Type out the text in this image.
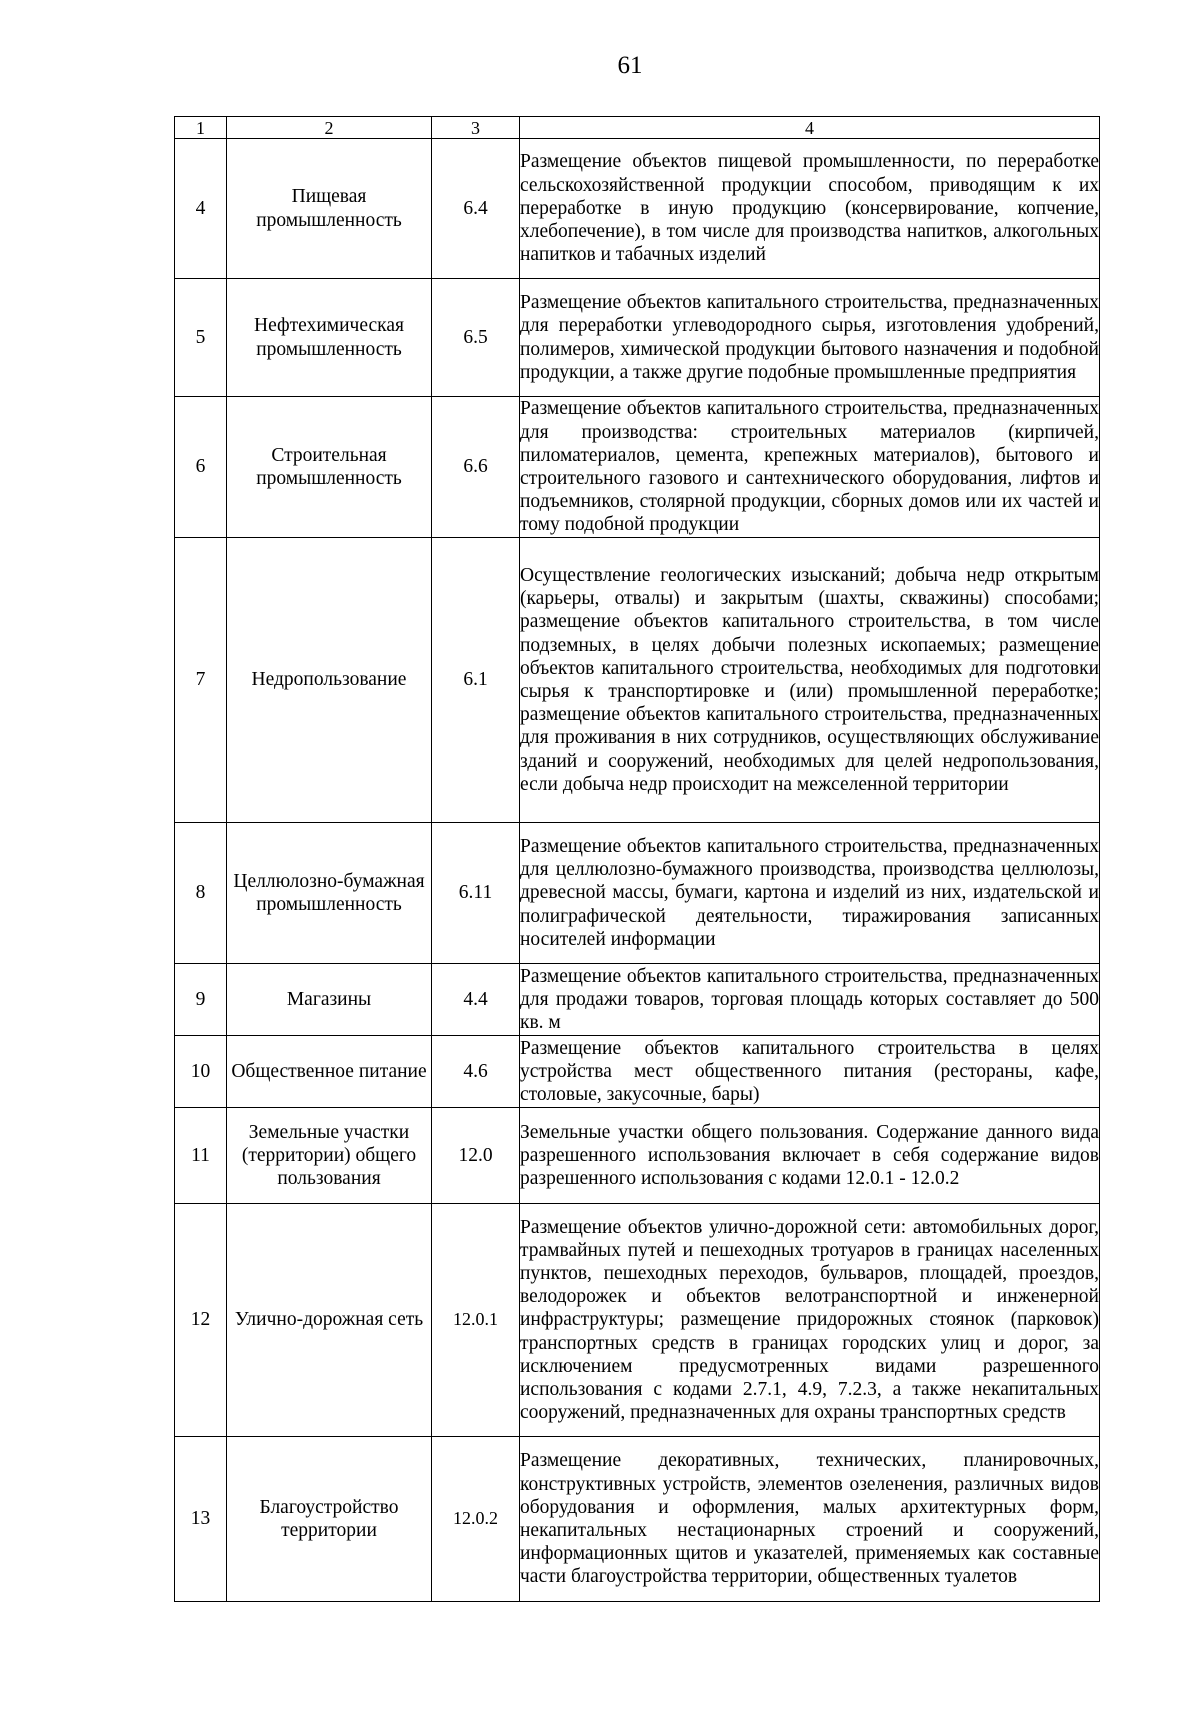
61
1	2	3	4
4	Пищевая промышленность	6.4	Размещение объектов пищевой промышленности, по переработке сельскохозяйственной продукции способом, приводящим к их переработке в иную продукцию (консервирование, копчение, хлебопечение), в том числе для производства напитков, алкогольных напитков и табачных изделий
5	Нефтехимическая промышленность	6.5	Размещение объектов капитального строительства, предназначенных для переработки углеводородного сырья, изготовления удобрений, полимеров, химической продукции бытового назначения и подобной продукции, а также другие подобные промышленные предприятия
6	Строительная промышленность	6.6	Размещение объектов капитального строительства, предназначенных для производства: строительных материалов (кирпичей, пиломатериалов, цемента, крепежных материалов), бытового и строительного газового и сантехнического оборудования, лифтов и подъемников, столярной продукции, сборных домов или их частей и тому подобной продукции
7	Недропользование	6.1	Осуществление геологических изысканий; добыча недр открытым (карьеры, отвалы) и закрытым (шахты, скважины) способами; размещение объектов капитального строительства, в том числе подземных, в целях добычи полезных ископаемых; размещение объектов капитального строительства, необходимых для подготовки сырья к транспортировке и (или) промышленной переработке; размещение объектов капитального строительства, предназначенных для проживания в них сотрудников, осуществляющих обслуживание зданий и сооружений, необходимых для целей недропользования, если добыча недр происходит на межселенной территории
8	Целлюлозно-бумажная промышленность	6.11	Размещение объектов капитального строительства, предназначенных для целлюлозно-бумажного производства, производства целлюлозы, древесной массы, бумаги, картона и изделий из них, издательской и полиграфической деятельности, тиражирования записанных носителей информации
9	Магазины	4.4	Размещение объектов капитального строительства, предназначенных для продажи товаров, торговая площадь которых составляет до 500 кв. м
10	Общественное питание	4.6	Размещение объектов капитального строительства в целях устройства мест общественного питания (рестораны, кафе, столовые, закусочные, бары)
11	Земельные участки (территории) общего пользования	12.0	Земельные участки общего пользования. Содержание данного вида разрешенного использования включает в себя содержание видов разрешенного использования с кодами 12.0.1 - 12.0.2
12	Улично-дорожная сеть	12.0.1	Размещение объектов улично-дорожной сети: автомобильных дорог, трамвайных путей и пешеходных тротуаров в границах населенных пунктов, пешеходных переходов, бульваров, площадей, проездов, велодорожек и объектов велотранспортной и инженерной инфраструктуры; размещение придорожных стоянок (парковок) транспортных средств в границах городских улиц и дорог, за исключением предусмотренных видами разрешенного использования с кодами 2.7.1, 4.9, 7.2.3, а также некапитальных сооружений, предназначенных для охраны транспортных средств
13	Благоустройство территории	12.0.2	Размещение декоративных, технических, планировочных, конструктивных устройств, элементов озеленения, различных видов оборудования и оформления, малых архитектурных форм, некапитальных нестационарных строений и сооружений, информационных щитов и указателей, применяемых как составные части благоустройства территории, общественных туалетов
